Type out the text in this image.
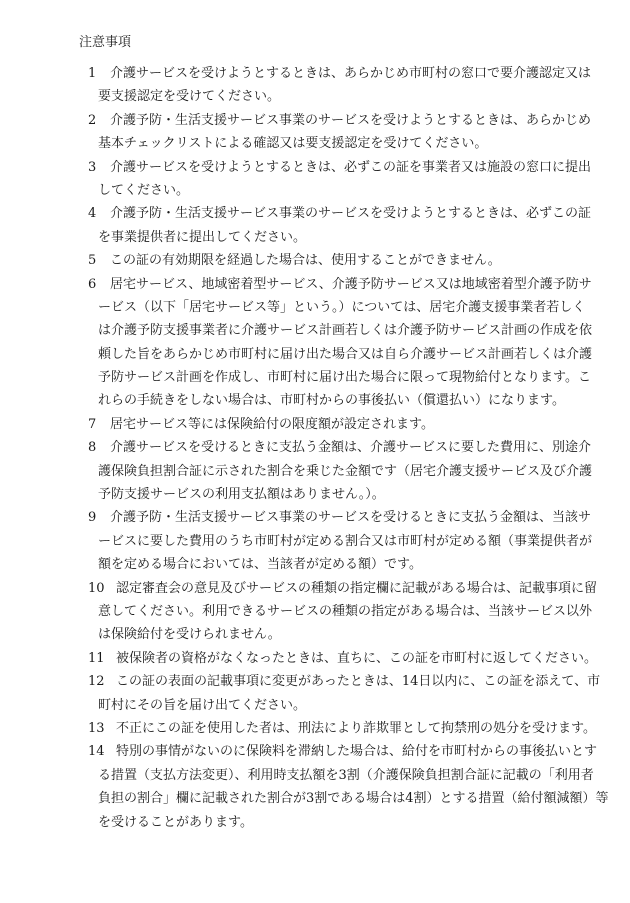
注意事項
1 介護サービスを受けようとするときは、あらかじめ市町村の窓口で要介護認定又は
要支援認定を受けてください。
2 介護予防・生活支援サービス事業のサービスを受けようとするときは、あらかじめ
基本チェックリストによる確認又は要支援認定を受けてください。
3 介護サービスを受けようとするときは、必ずこの証を事業者又は施設の窓口に提出
してください。
4 介護予防・生活支援サービス事業のサービスを受けようとするときは、必ずこの証
を事業提供者に提出してください。
5 この証の有効期限を経過した場合は、使用することができません。
6 居宅サービス、地域密着型サービス、介護予防サービス又は地域密着型介護予防サ
ービス（以下「居宅サービス等」という。）については、居宅介護支援事業者若しく
は介護予防支援事業者に介護サービス計画若しくは介護予防サービス計画の作成を依
頼した旨をあらかじめ市町村に届け出た場合又は自ら介護サービス計画若しくは介護
予防サービス計画を作成し、市町村に届け出た場合に限って現物給付となります。こ
れらの手続きをしない場合は、市町村からの事後払い（償還払い）になります。
7 居宅サービス等には保険給付の限度額が設定されます。
8 介護サービスを受けるときに支払う金額は、介護サービスに要した費用に、別途介
護保険負担割合証に示された割合を乗じた金額です（居宅介護支援サービス及び介護
予防支援サービスの利用支払額はありません。）。
9 介護予防・生活支援サービス事業のサービスを受けるときに支払う金額は、当該サ
ービスに要した費用のうち市町村が定める割合又は市町村が定める額（事業提供者が
額を定める場合においては、当該者が定める額）です。
10 認定審査会の意見及びサービスの種類の指定欄に記載がある場合は、記載事項に留
意してください。利用できるサービスの種類の指定がある場合は、当該サービス以外
は保険給付を受けられません。
11 被保険者の資格がなくなったときは、直ちに、この証を市町村に返してください。
12 この証の表面の記載事項に変更があったときは、14日以内に、この証を添えて、市
町村にその旨を届け出てください。
13 不正にこの証を使用した者は、刑法により詐欺罪として拘禁刑の処分を受けます。
14 特別の事情がないのに保険料を滞納した場合は、給付を市町村からの事後払いとす
る措置（支払方法変更）、利用時支払額を3割（介護保険負担割合証に記載の「利用者
負担の割合」欄に記載された割合が3割である場合は4割）とする措置（給付額減額）等
を受けることがあります。
